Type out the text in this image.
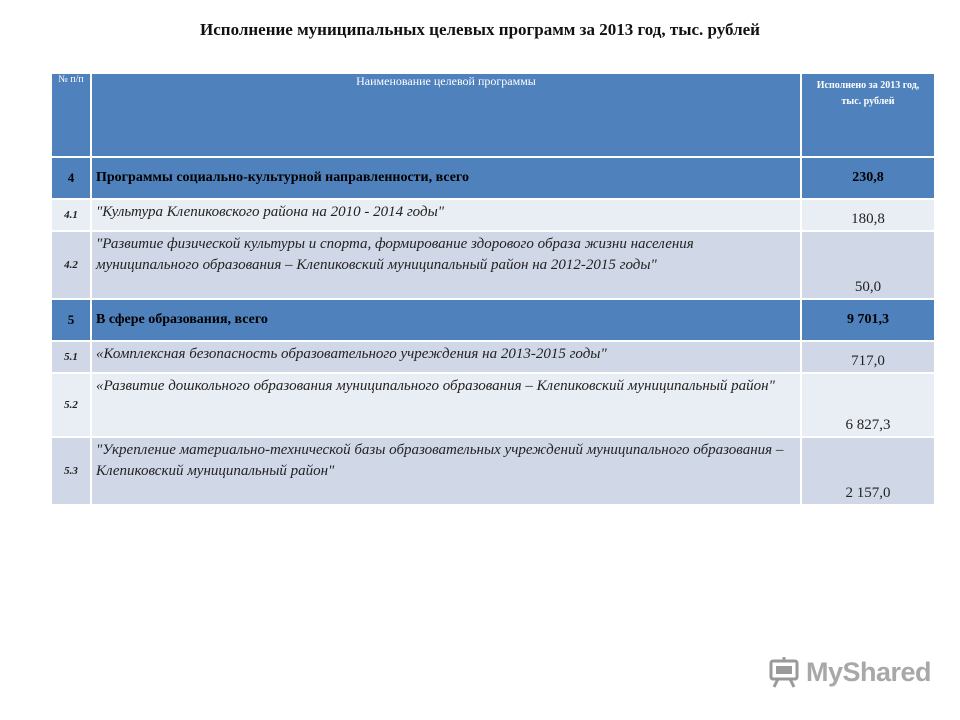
Исполнение муниципальных целевых программ за 2013 год, тыс. рублей
№ п/п	Наименование целевой программы	Исполнено за 2013 год, тыс. рублей
4	Программы социально-культурной направленности, всего	230,8
4.1	"Культура Клепиковского района на 2010 - 2014 годы"	180,8
4.2	"Развитие физической культуры и спорта, формирование здорового образа жизни населения муниципального образования – Клепиковский муниципальный район на 2012-2015 годы"	50,0
5	В сфере образования, всего	9 701,3
5.1	«Комплексная безопасность образовательного учреждения на 2013-2015 годы"	717,0
5.2	«Развитие дошкольного образования муниципального образования – Клепиковский муниципальный район"	6 827,3
5.3	"Укрепление материально-технической базы образовательных учреждений муниципального образования – Клепиковский муниципальный район"	2 157,0
MyShared
